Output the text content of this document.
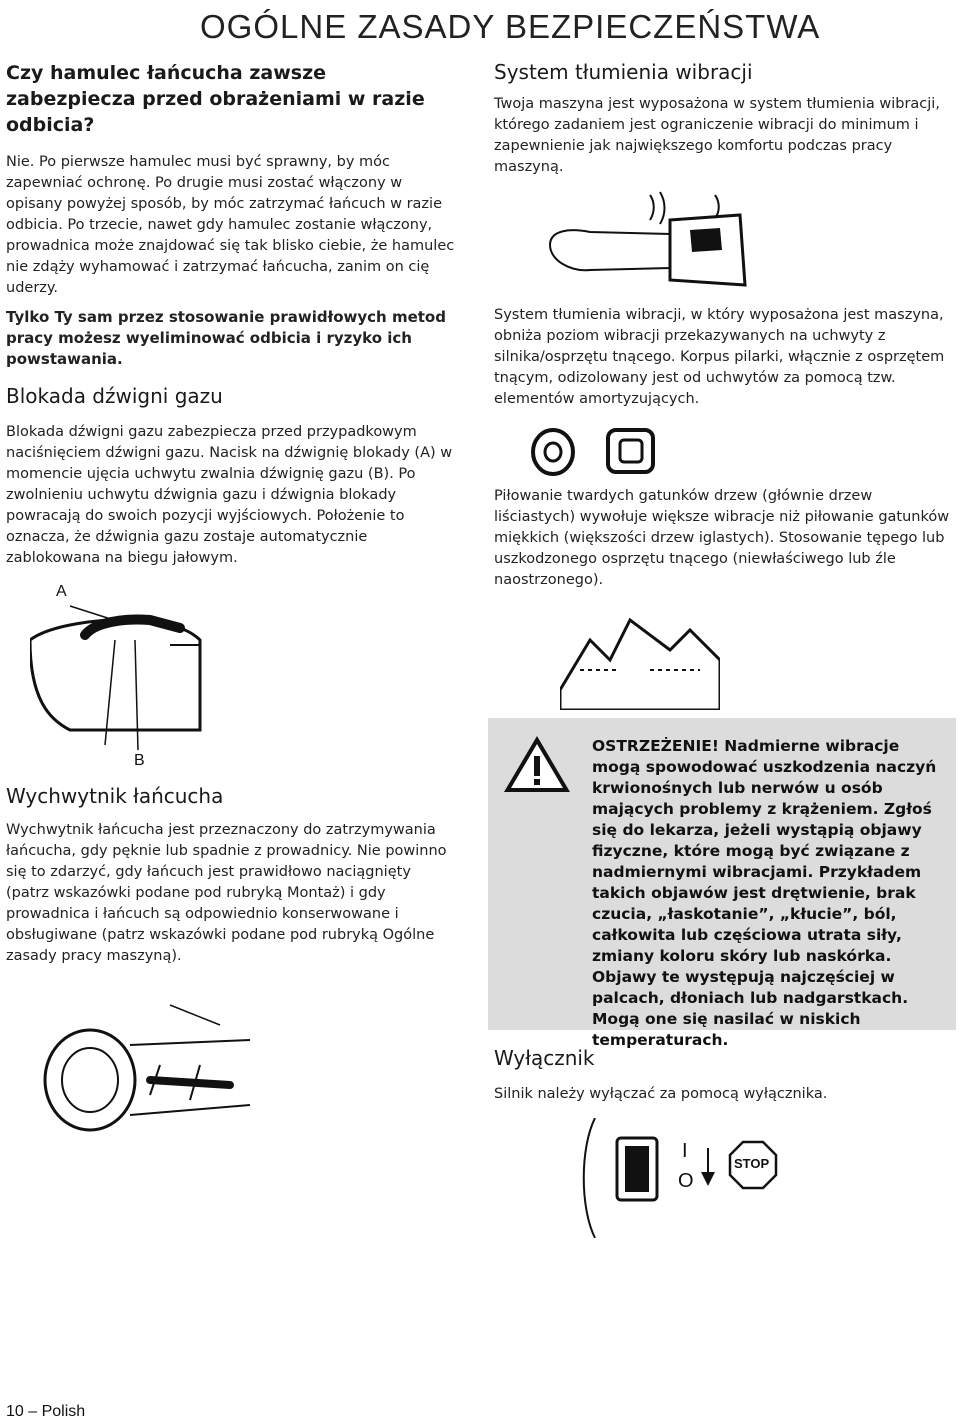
OGÓLNE ZASADY BEZPIECZEŃSTWA
Czy hamulec łańcucha zawsze zabezpiecza przed obrażeniami w razie odbicia?

Nie. Po pierwsze hamulec musi być sprawny, by móc zapewniać ochronę. Po drugie musi zostać włączony w opisany powyżej sposób, by móc zatrzymać łańcuch w razie odbicia. Po trzecie, nawet gdy hamulec zostanie włączony, prowadnica może znajdować się tak blisko ciebie, że hamulec nie zdąży wyhamować i zatrzymać łańcucha, zanim on cię uderzy.

Tylko Ty sam przez stosowanie prawidłowych metod pracy możesz wyeliminować odbicia i ryzyko ich powstawania.

Blokada dźwigni gazu

Blokada dźwigni gazu zabezpiecza przed przypadkowym naciśnięciem dźwigni gazu. Nacisk na dźwignię blokady (A) w momencie ujęcia uchwytu zwalnia dźwignię gazu (B). Po zwolnieniu uchwytu dźwignia gazu i dźwignia blokady powracają do swoich pozycji wyjściowych. Położenie to oznacza, że dźwignia gazu zostaje automatycznie zablokowana na biegu jałowym.

A
B
Wychwytnik łańcucha

Wychwytnik łańcucha jest przeznaczony do zatrzymywania łańcucha, gdy pęknie lub spadnie z prowadnicy. Nie powinno się to zdarzyć, gdy łańcuch jest prawidłowo naciągnięty (patrz wskazówki podane pod rubryką Montaż) i gdy prowadnica i łańcuch są odpowiednio konserwowane i obsługiwane (patrz wskazówki podane pod rubryką Ogólne zasady pracy maszyną).

System tłumienia wibracji

Twoja maszyna jest wyposażona w system tłumienia wibracji, którego zadaniem jest ograniczenie wibracji do minimum i zapewnienie jak największego komfortu podczas pracy maszyną.

System tłumienia wibracji, w który wyposażona jest maszyna, obniża poziom wibracji przekazywanych na uchwyty z silnika/osprzętu tnącego. Korpus pilarki, włącznie z osprzętem tnącym, odizolowany jest od uchwytów za pomocą tzw. elementów amortyzujących.

Piłowanie twardych gatunków drzew (głównie drzew liściastych) wywołuje większe wibracje niż piłowanie gatunków miękkich (większości drzew iglastych). Stosowanie tępego lub uszkodzonego osprzętu tnącego (niewłaściwego lub źle naostrzonego).

OSTRZEŻENIE! Nadmierne wibracje mogą spowodować uszkodzenia naczyń krwionośnych lub nerwów u osób mających problemy z krążeniem. Zgłoś się do lekarza, jeżeli wystąpią objawy fizyczne, które mogą być związane z nadmiernymi wibracjami. Przykładem takich objawów jest drętwienie, brak czucia, „łaskotanie”, „kłucie”, ból, całkowita lub częściowa utrata siły, zmiany koloru skóry lub naskórka. Objawy te występują najczęściej w palcach, dłoniach lub nadgarstkach. Mogą one się nasilać w niskich temperaturach.
Wyłącznik

Silnik należy wyłączać za pomocą wyłącznika.

I
O
STOP
10 – Polish
